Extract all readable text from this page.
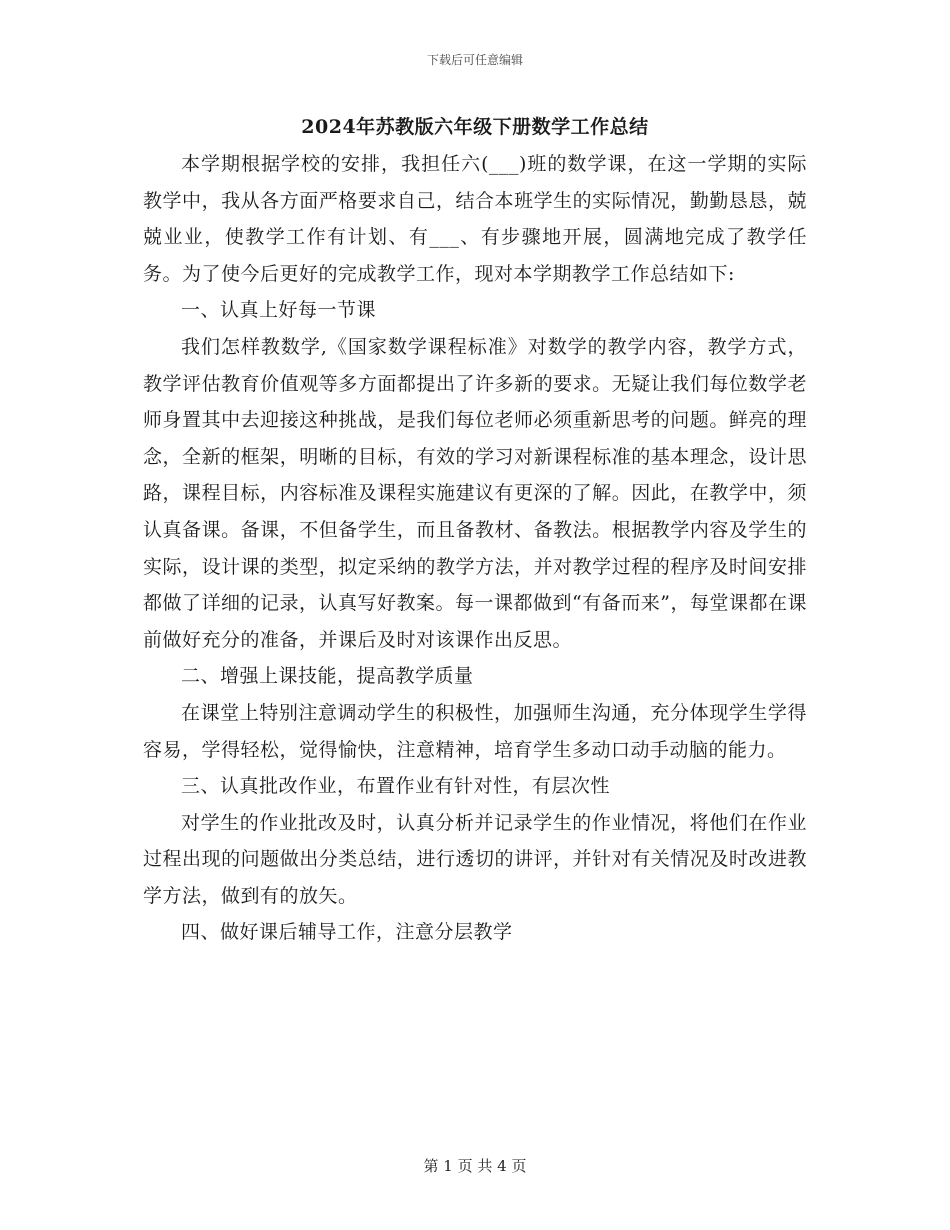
下载后可任意编辑
2024年苏教版六年级下册数学工作总结

本学期根据学校的安排，我担任六(___)班的数学课，在这一学期的实际教学中，我从各方面严格要求自己，结合本班学生的实际情况，勤勤恳恳，兢兢业业，使教学工作有计划、有___、有步骤地开展，圆满地完成了教学任务。为了使今后更好的完成教学工作，现对本学期教学工作总结如下:

一、认真上好每一节课

我们怎样教数学,《国家数学课程标准》对数学的教学内容，教学方式，教学评估教育价值观等多方面都提出了许多新的要求。无疑让我们每位数学老师身置其中去迎接这种挑战，是我们每位老师必须重新思考的问题。鲜亮的理念，全新的框架，明晰的目标，有效的学习对新课程标准的基本理念，设计思路，课程目标，内容标准及课程实施建议有更深的了解。因此，在教学中，须认真备课。备课，不但备学生，而且备教材、备教法。根据教学内容及学生的实际，设计课的类型，拟定采纳的教学方法，并对教学过程的程序及时间安排都做了详细的记录，认真写好教案。每一课都做到“有备而来”，每堂课都在课前做好充分的准备，并课后及时对该课作出反思。

二、增强上课技能，提高教学质量

在课堂上特别注意调动学生的积极性，加强师生沟通，充分体现学生学得容易，学得轻松，觉得愉快，注意精神，培育学生多动口动手动脑的能力。

三、认真批改作业，布置作业有针对性，有层次性

对学生的作业批改及时，认真分析并记录学生的作业情况，将他们在作业过程出现的问题做出分类总结，进行透切的讲评，并针对有关情况及时改进教学方法，做到有的放矢。

四、做好课后辅导工作，注意分层教学

第 1 页 共 4 页
